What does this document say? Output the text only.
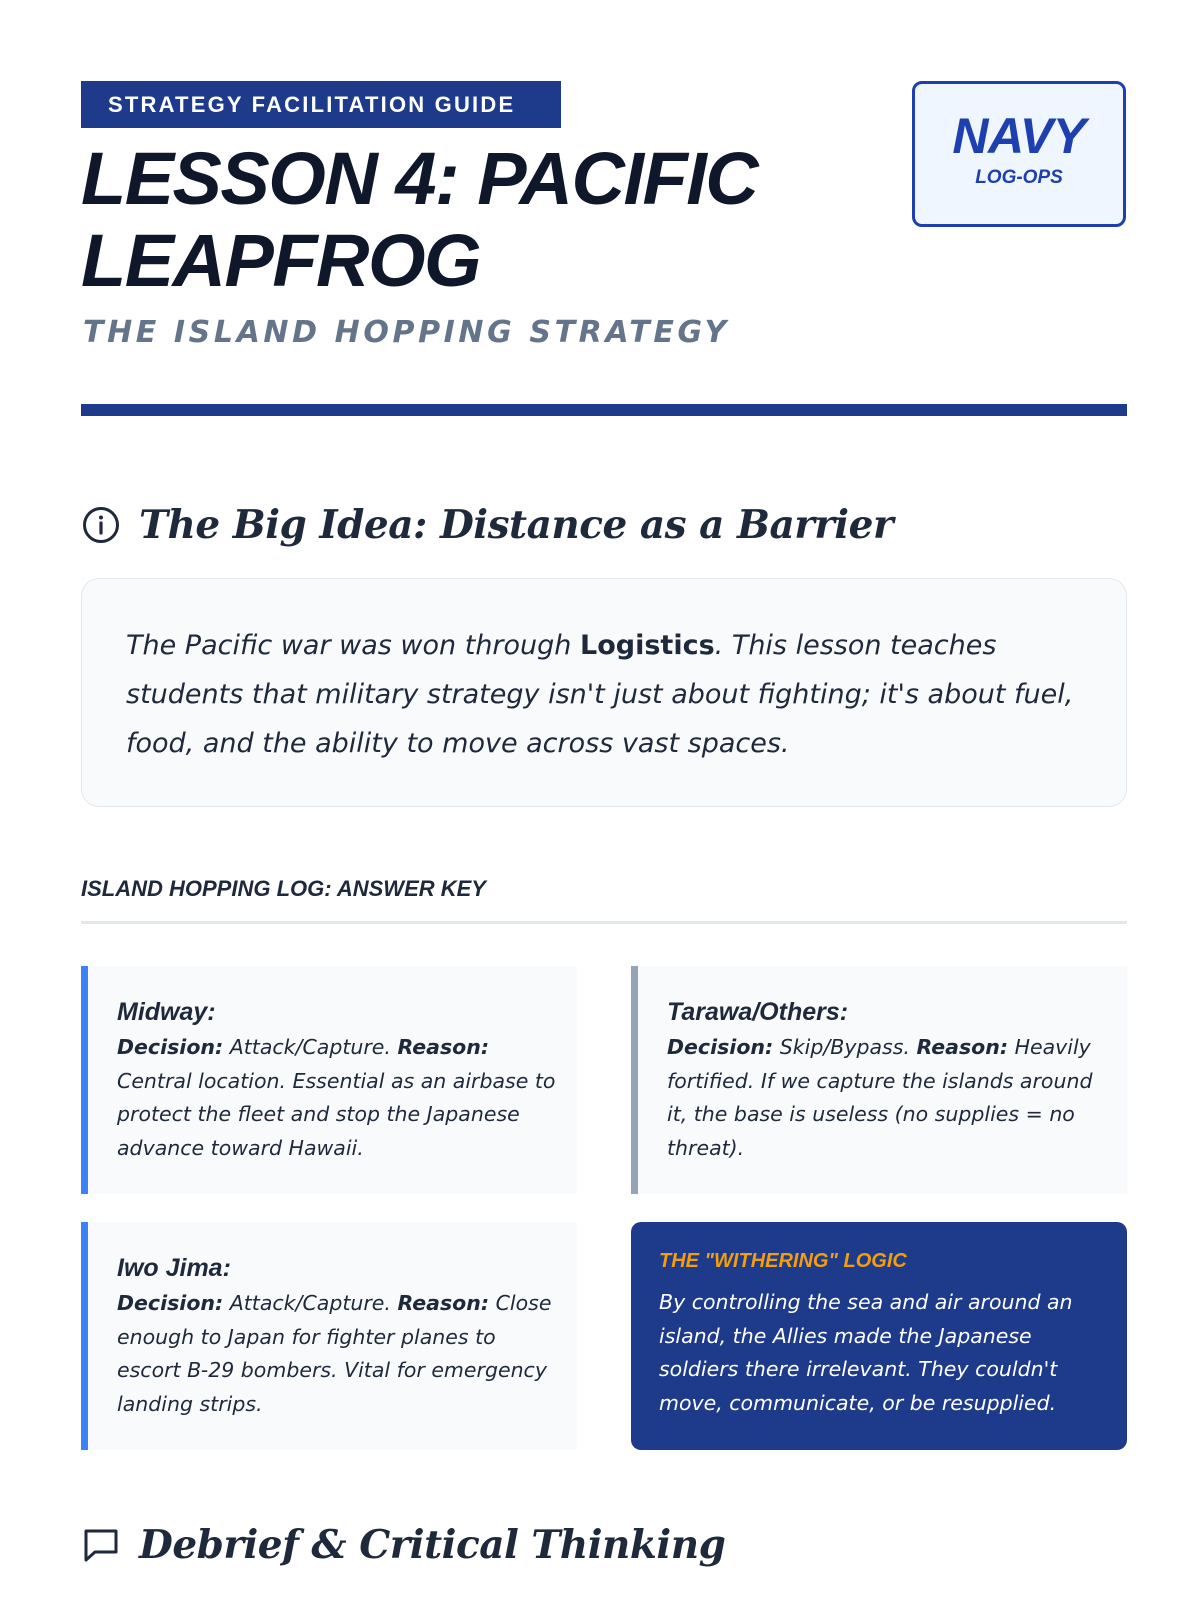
STRATEGY FACILITATION GUIDE
LESSON 4: PACIFIC LEAPFROG
THE ISLAND HOPPING STRATEGY
NAVY
LOG-OPS
The Big Idea: Distance as a Barrier
The Pacific war was won through Logistics. This lesson teaches students that military strategy isn't just about fighting; it's about fuel, food, and the ability to move across vast spaces.
ISLAND HOPPING LOG: ANSWER KEY
Midway:
Decision: Attack/Capture. Reason: Central location. Essential as an airbase to protect the fleet and stop the Japanese advance toward Hawaii.
Tarawa/Others:
Decision: Skip/Bypass. Reason: Heavily fortified. If we capture the islands around it, the base is useless (no supplies = no threat).
Iwo Jima:
Decision: Attack/Capture. Reason: Close enough to Japan for fighter planes to escort B-29 bombers. Vital for emergency landing strips.
THE "WITHERING" LOGIC
By controlling the sea and air around an island, the Allies made the Japanese soldiers there irrelevant. They couldn't move, communicate, or be resupplied.
Debrief & Critical Thinking
